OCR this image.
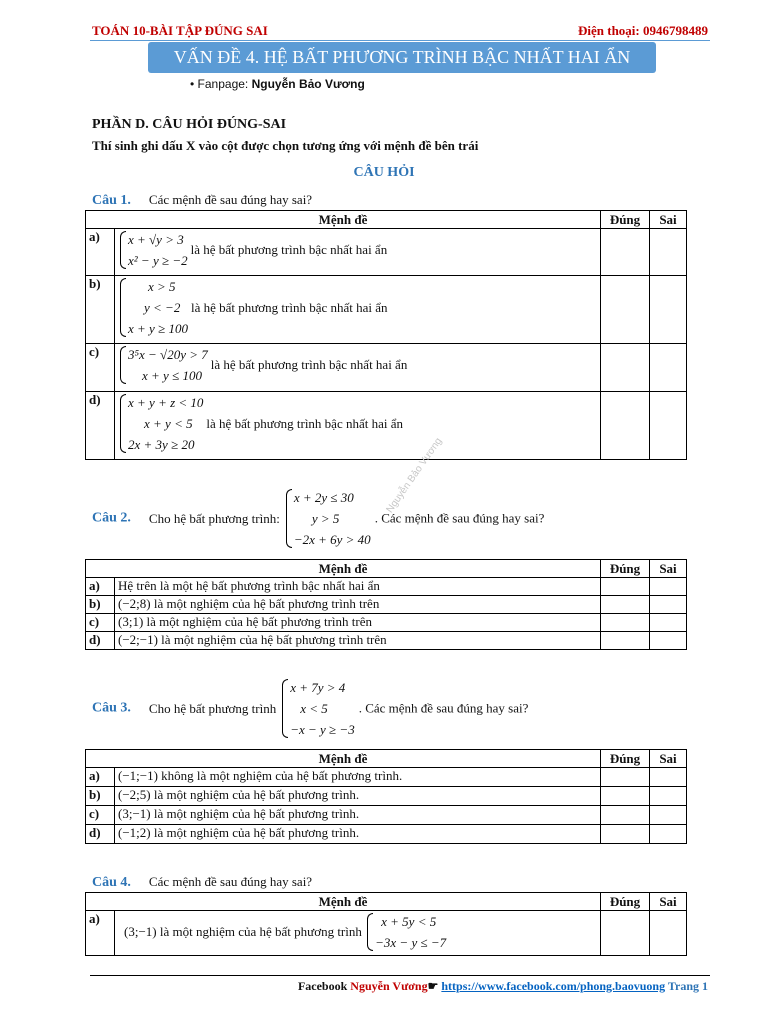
TOÁN 10-BÀI TẬP ĐÚNG SAI	Điện thoại: 0946798489
VẤN ĐỀ 4. HỆ BẤT PHƯƠNG TRÌNH BẬC NHẤT HAI ẨN
• Fanpage: Nguyễn Bảo Vương
PHẦN D. CÂU HỎI ĐÚNG-SAI
Thí sinh ghi dấu X vào cột được chọn tương ứng với mệnh đề bên trái
CÂU HỎI
Câu 1. Các mệnh đề sau đúng hay sai?
Mệnh đề		Đúng	Sai
a)	x + √y > 3
x² − y ≥ −2
là hệ bất phương trình bậc nhất hai ẩn		
b)	x > 5
y < −2
x + y ≥ 100
là hệ bất phương trình bậc nhất hai ẩn		
c)	3⁵x − √20y > 7
x + y ≤ 100
là hệ bất phương trình bậc nhất hai ẩn		
d)	x + y + z < 10
x + y < 5
2x + 3y ≥ 20
là hệ bất phương trình bậc nhất hai ẩn		
Nguyễn Bảo Vương
Câu 2. Cho hệ bất phương trình:
x + 2y ≤ 30
y > 5
−2x + 6y > 40
. Các mệnh đề sau đúng hay sai?
Mệnh đề		Đúng	Sai
a)	Hệ trên là một hệ bất phương trình bậc nhất hai ẩn		
b)	(−2;8) là một nghiệm của hệ bất phương trình trên		
c)	(3;1) là một nghiệm của hệ bất phương trình trên		
d)	(−2;−1) là một nghiệm của hệ bất phương trình trên		
Câu 3. Cho hệ bất phương trình
x + 7y > 4
x < 5
−x − y ≥ −3
. Các mệnh đề sau đúng hay sai?
Mệnh đề		Đúng	Sai
a)	(−1;−1) không là một nghiệm của hệ bất phương trình.		
b)	(−2;5) là một nghiệm của hệ bất phương trình.		
c)	(3;−1) là một nghiệm của hệ bất phương trình.		
d)	(−1;2) là một nghiệm của hệ bất phương trình.		
Câu 4. Các mệnh đề sau đúng hay sai?
Mệnh đề		Đúng	Sai
a)	(3;−1) là một nghiệm của hệ bất phương trình
x + 5y < 5
−3x − y ≤ −7		

Facebook Nguyễn Vương☛ https://www.facebook.com/phong.baovuong Trang 1
